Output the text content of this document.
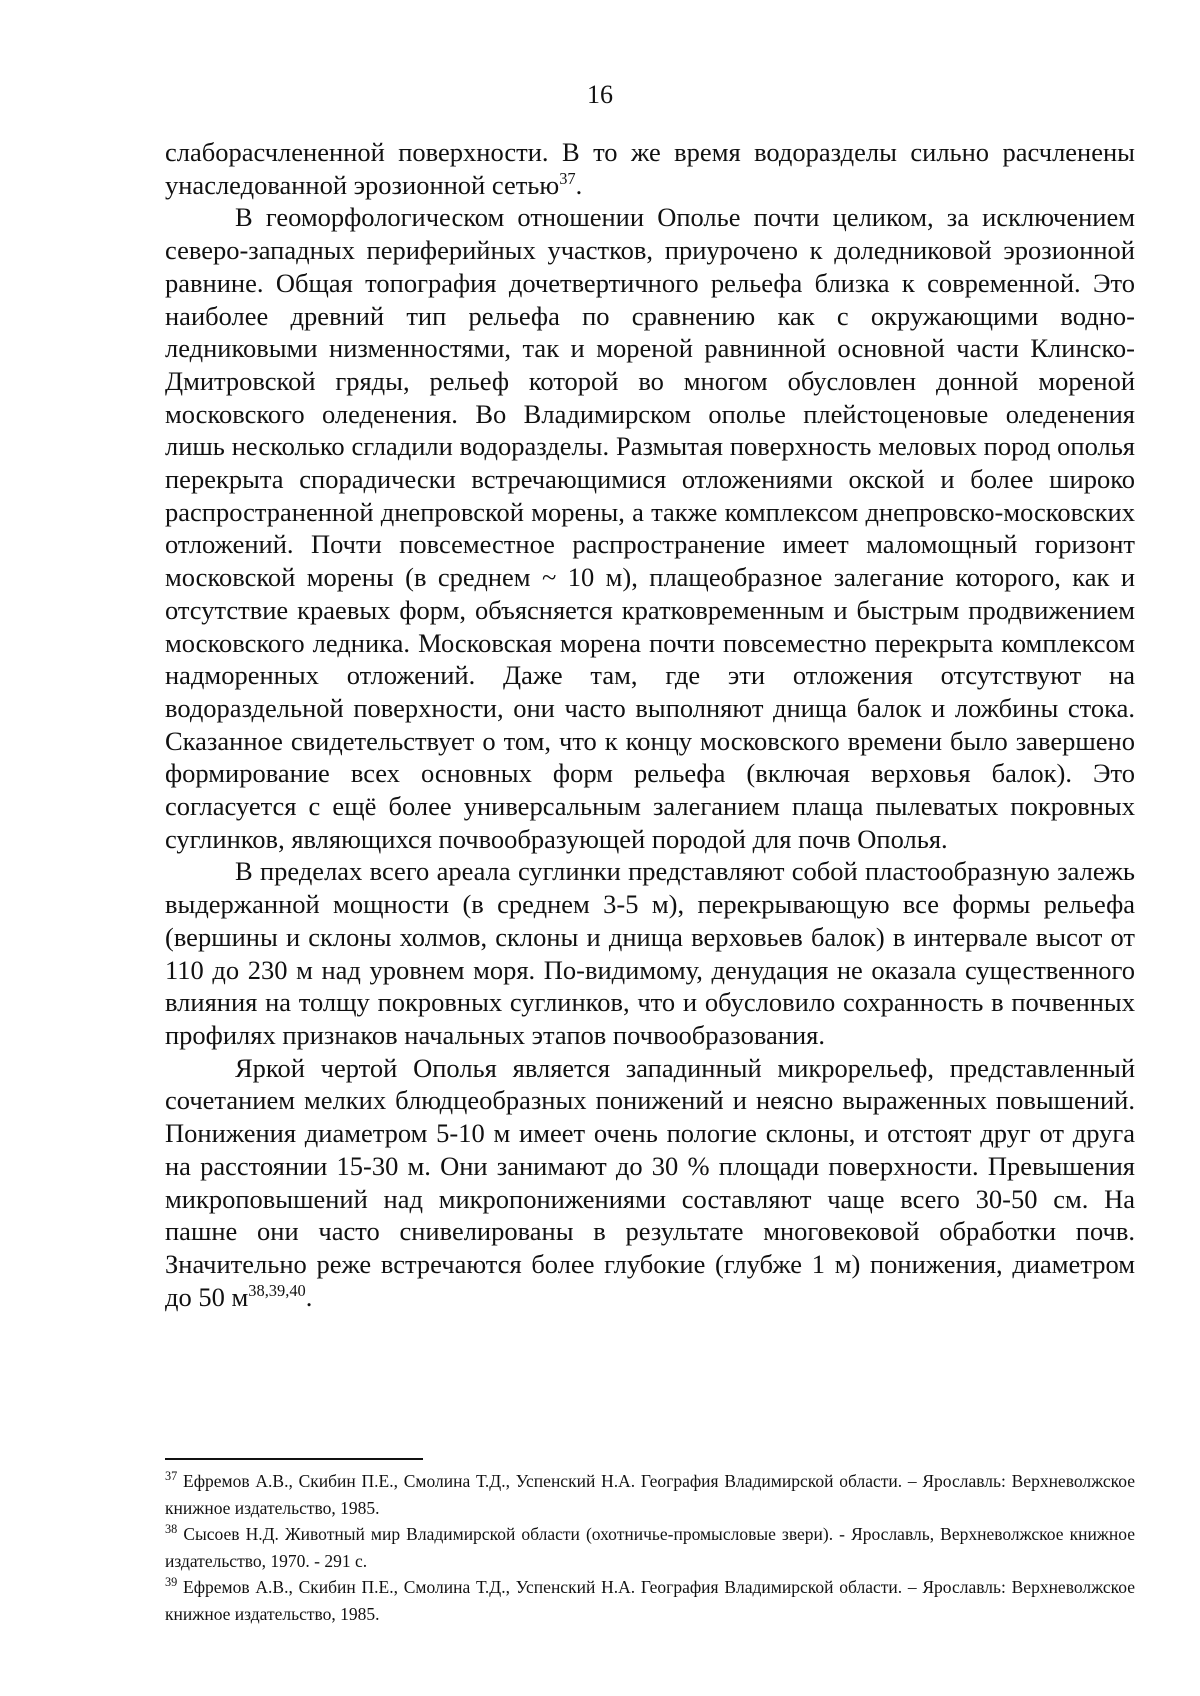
16

слаборасчлененной поверхности. В то же время водоразделы сильно расчленены унаследованной эрозионной сетью$^{37}$.

В геоморфологическом отношении Ополье почти целиком, за исключением северо-западных периферийных участков, приурочено к доледниковой эрозионной равнине. Общая топография дочетвертичного рельефа близка к современной. Это наиболее древний тип рельефа по сравнению как с окружающими водно-ледниковыми низменностями, так и мореной равнинной основной части Клинско-Дмитровской гряды, рельеф которой во многом обусловлен донной мореной московского оледенения. Во Владимирском ополье плейстоценовые оледенения лишь несколько сгладили водоразделы. Размытая поверхность меловых пород ополья перекрыта спорадически встречающимися отложениями окской и более широко распространенной днепровской морены, а также комплексом днепровско-московских отложений. Почти повсеместное распространение имеет маломощный горизонт московской морены (в среднем ~ 10 м), плащеобразное залегание которого, как и отсутствие краевых форм, объясняется кратковременным и быстрым продвижением московского ледника. Московская морена почти повсеместно перекрыта комплексом надморенных отложений. Даже там, где эти отложения отсутствуют на водораздельной поверхности, они часто выполняют днища балок и ложбины стока. Сказанное свидетельствует о том, что к концу московского времени было завершено формирование всех основных форм рельефа (включая верховья балок). Это согласуется с ещё более универсальным залеганием плаща пылеватых покровных суглинков, являющихся почвообразующей породой для почв Ополья.

В пределах всего ареала суглинки представляют собой пластообразную залежь выдержанной мощности (в среднем 3-5 м), перекрывающую все формы рельефа (вершины и склоны холмов, склоны и днища верховьев балок) в интервале высот от 110 до 230 м над уровнем моря. По-видимому, денудация не оказала существенного влияния на толщу покровных суглинков, что и обусловило сохранность в почвенных профилях признаков начальных этапов почвообразования.

Яркой чертой Ополья является западинный микрорельеф, представленный сочетанием мелких блюдцеобразных понижений и неясно выраженных повышений. Понижения диаметром 5-10 м имеет очень пологие склоны, и отстоят друг от друга на расстоянии 15-30 м. Они занимают до 30 % площади поверхности. Превышения микроповышений над микропонижениями составляют чаще всего 30-50 см. На пашне они часто снивелированы в результате многовековой обработки почв. Значительно реже встречаются более глубокие (глубже 1 м) понижения, диаметром до 50 $м^{38,39,40}$.

$^{37}$ Ефремов А.В., Скибин П.Е., Смолина Т.Д., Успенский Н.А. География Владимирской области. – Ярославль: Верхневолжское книжное издательство, 1985.

$^{38}$ Сысоев Н.Д. Животный мир Владимирской области (охотничье-промысловые звери). - Ярославль, Верхневолжское книжное издательство, 1970. - 291 с.

$^{39}$ Ефремов А.В., Скибин П.Е., Смолина Т.Д., Успенский Н.А. География Владимирской области. – Ярославль: Верхневолжское книжное издательство, 1985.
